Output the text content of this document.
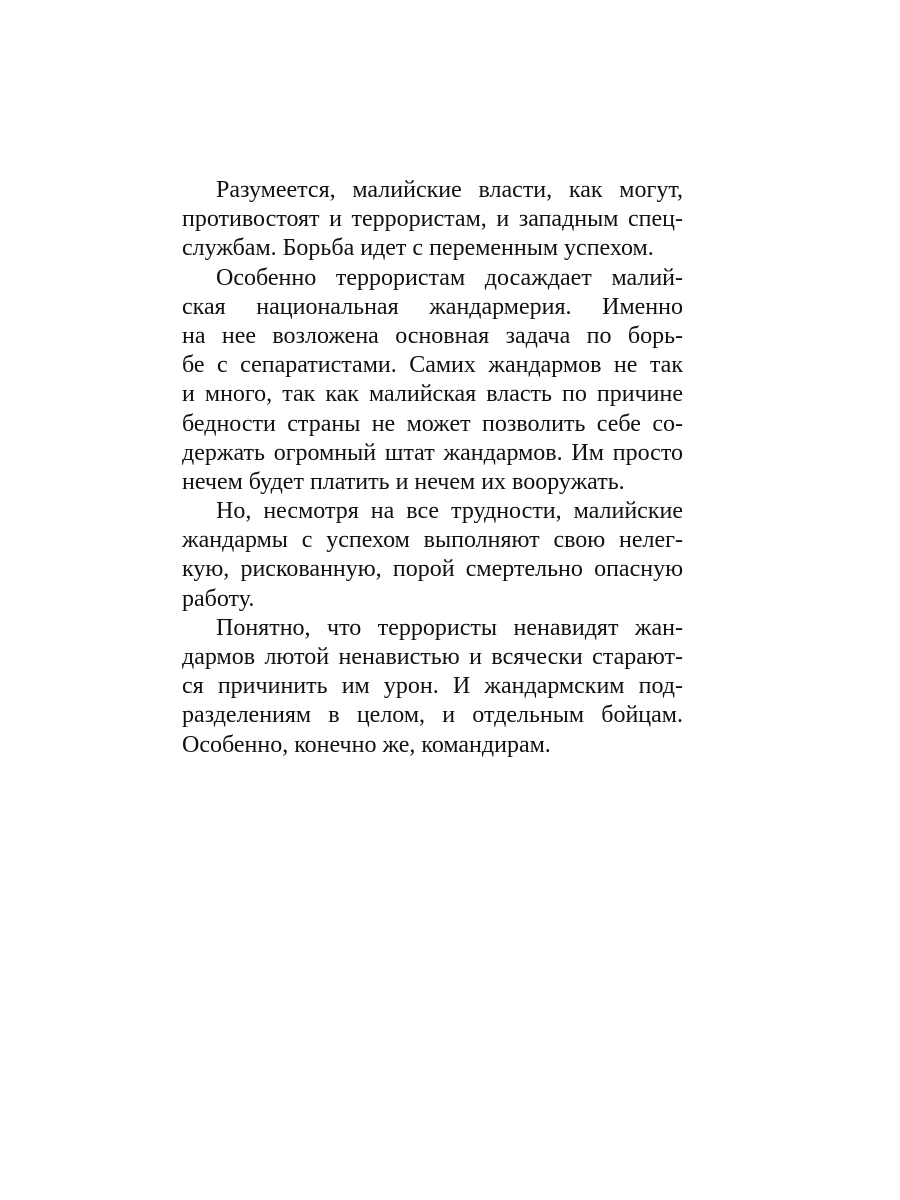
Разумеется, малийские власти, как могут,
противостоят и террористам, и западным спец-
службам. Борьба идет с переменным успехом.

Особенно террористам досаждает малий-
ская национальная жандармерия. Именно
на нее возложена основная задача по борь-
бе с сепаратистами. Самих жандармов не так
и много, так как малийская власть по причине
бедности страны не может позволить себе со-
держать огромный штат жандармов. Им просто
нечем будет платить и нечем их вооружать.

Но, несмотря на все трудности, малийские
жандармы с успехом выполняют свою нелег-
кую, рискованную, порой смертельно опасную
работу.

Понятно, что террористы ненавидят жан-
дармов лютой ненавистью и всячески старают-
ся причинить им урон. И жандармским под-
разделениям в целом, и отдельным бойцам.
Особенно, конечно же, командирам.
